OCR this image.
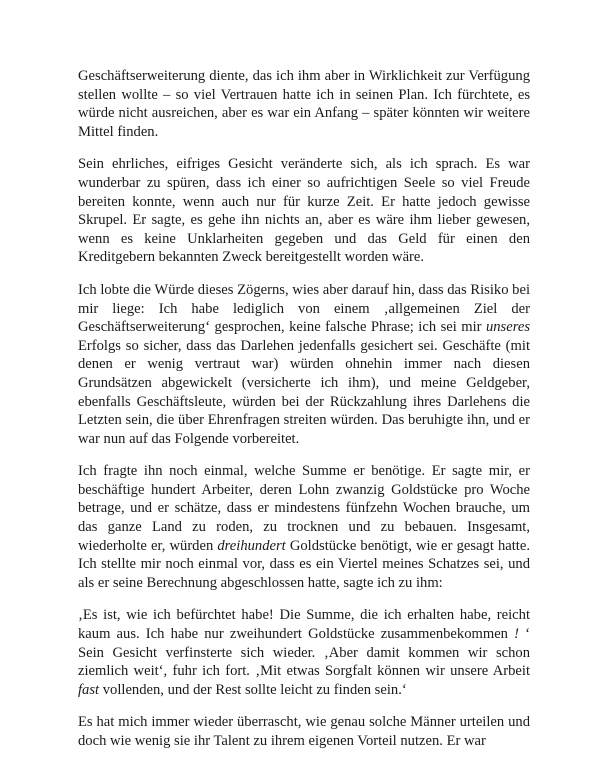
Geschäftserweiterung diente, das ich ihm aber in Wirklichkeit zur Verfügung stellen wollte – so viel Vertrauen hatte ich in seinen Plan. Ich fürchtete, es würde nicht ausreichen, aber es war ein Anfang – später könnten wir weitere Mittel finden.

Sein ehrliches, eifriges Gesicht veränderte sich, als ich sprach. Es war wunderbar zu spüren, dass ich einer so aufrichtigen Seele so viel Freude bereiten konnte, wenn auch nur für kurze Zeit. Er hatte jedoch gewisse Skrupel. Er sagte, es gehe ihn nichts an, aber es wäre ihm lieber gewesen, wenn es keine Unklarheiten gegeben und das Geld für einen den Kreditgebern bekannten Zweck bereitgestellt worden wäre.

Ich lobte die Würde dieses Zögerns, wies aber darauf hin, dass das Risiko bei mir liege: Ich habe lediglich von einem ‚allgemeinen Ziel der Geschäftserweiterung‘ gesprochen, keine falsche Phrase; ich sei mir unseres Erfolgs so sicher, dass das Darlehen jedenfalls gesichert sei. Geschäfte (mit denen er wenig vertraut war) würden ohnehin immer nach diesen Grundsätzen abgewickelt (versicherte ich ihm), und meine Geldgeber, ebenfalls Geschäftsleute, würden bei der Rückzahlung ihres Darlehens die Letzten sein, die über Ehrenfragen streiten würden. Das beruhigte ihn, und er war nun auf das Folgende vorbereitet.

Ich fragte ihn noch einmal, welche Summe er benötige. Er sagte mir, er beschäftige hundert Arbeiter, deren Lohn zwanzig Goldstücke pro Woche betrage, und er schätze, dass er mindestens fünfzehn Wochen brauche, um das ganze Land zu roden, zu trocknen und zu bebauen. Insgesamt, wiederholte er, würden dreihundert Goldstücke benötigt, wie er gesagt hatte. Ich stellte mir noch einmal vor, dass es ein Viertel meines Schatzes sei, und als er seine Berechnung abgeschlossen hatte, sagte ich zu ihm:

‚Es ist, wie ich befürchtet habe! Die Summe, die ich erhalten habe, reicht kaum aus. Ich habe nur zweihundert Goldstücke zusammenbekommen ! ‘ Sein Gesicht verfinsterte sich wieder. ‚Aber damit kommen wir schon ziemlich weit‘, fuhr ich fort. ‚Mit etwas Sorgfalt können wir unsere Arbeit fast vollenden, und der Rest sollte leicht zu finden sein.‘

Es hat mich immer wieder überrascht, wie genau solche Männer urteilen und doch wie wenig sie ihr Talent zu ihrem eigenen Vorteil nutzen. Er war
